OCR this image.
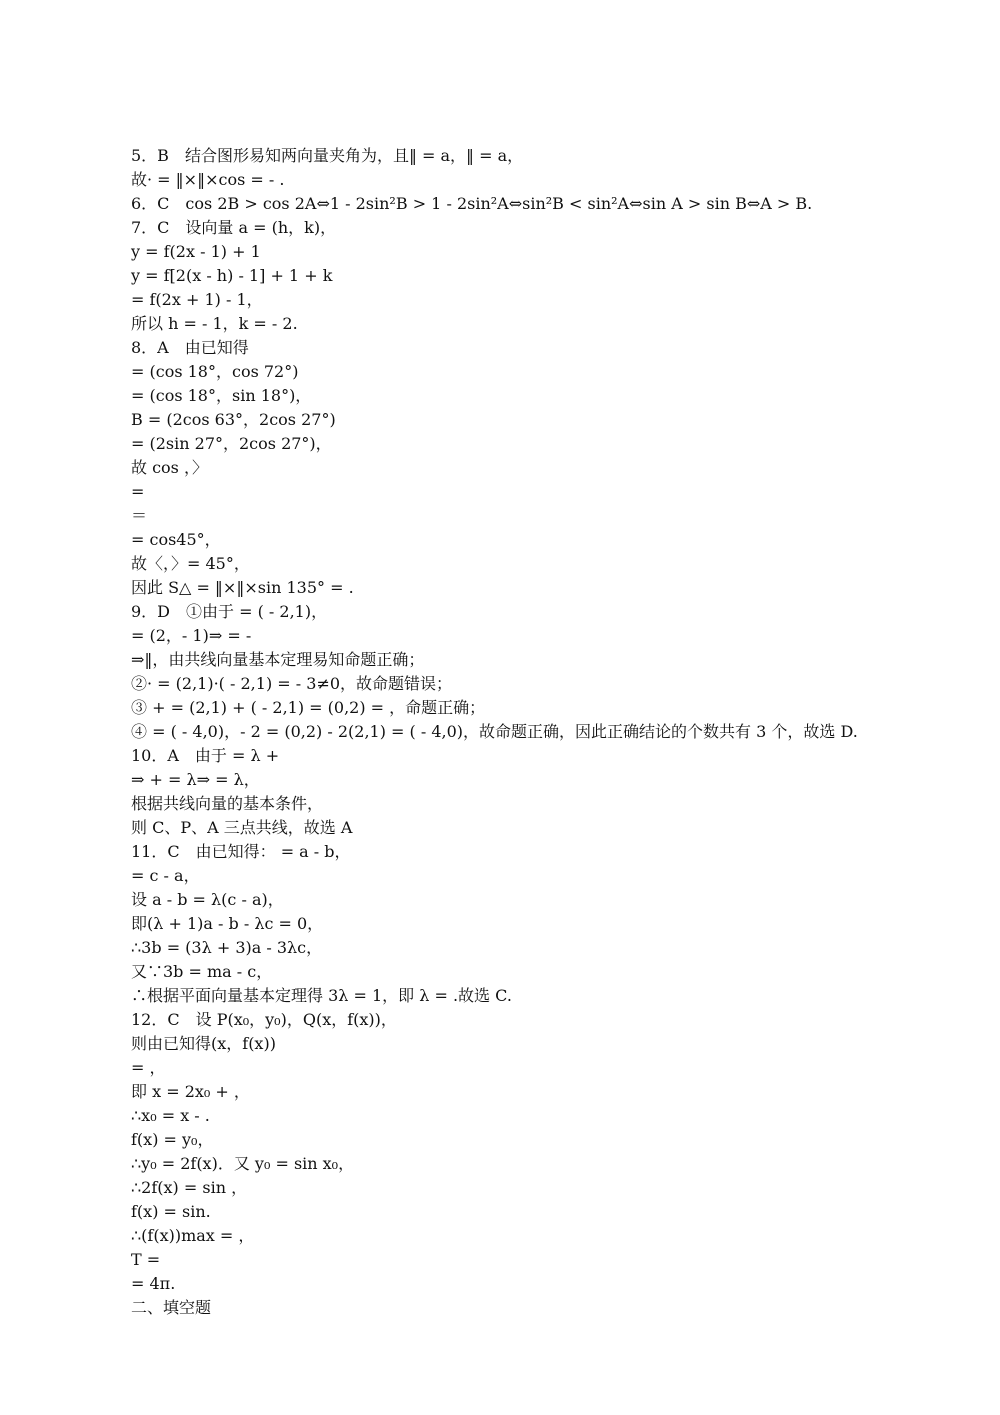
5．B　结合图形易知两向量夹角为，且‖ = a，‖ = a，
故· = ‖×‖×cos = ‑ .
6．C　cos 2B > cos 2A⇔1 ‑ 2sin²B > 1 ‑ 2sin²A⇔sin²B < sin²A⇔sin A > sin B⇔A > B.
7．C　设向量 a = (h，k)，
y = f(2x ‑ 1) + 1
y = f[2(x ‑ h) ‑ 1] + 1 + k
= f(2x + 1) ‑ 1，
所以 h = ‑ 1，k = ‑ 2.
8．A　由已知得
= (cos 18°，cos 72°)
= (cos 18°，sin 18°)，
B = (2cos 63°，2cos 27°)
= (2sin 27°，2cos 27°)，
故 cos ，〉
=
＝
= cos45°，
故〈，〉= 45°，
因此 S△ = ‖×‖×sin 135° = .
9．D　①由于 = ( ‑ 2,1)，
= (2，‑ 1)⇒ = ‑
⇒‖，由共线向量基本定理易知命题正确；
②· = (2,1)·( ‑ 2,1) = ‑ 3≠0，故命题错误；
③ + = (2,1) + ( ‑ 2,1) = (0,2) = ，命题正确；
④ = ( ‑ 4,0)，‑ 2 = (0,2) ‑ 2(2,1) = ( ‑ 4,0)，故命题正确，因此正确结论的个数共有 3 个，故选 D.
10．A　由于 = λ +
⇒ + = λ⇒ = λ，
根据共线向量的基本条件，
则 C、P、A 三点共线，故选 A
11．C　由已知得： = a ‑ b，
= c ‑ a，
设 a ‑ b = λ(c ‑ a)，
即(λ + 1)a ‑ b ‑ λc = 0，
∴3b = (3λ + 3)a ‑ 3λc，
又∵3b = ma ‑ c，
∴根据平面向量基本定理得 3λ = 1，即 λ = .故选 C.
12．C　设 P(x₀，y₀)，Q(x，f(x))，
则由已知得(x，f(x))
= ，
即 x = 2x₀ + ，
∴x₀ = x ‑ .
f(x) = y₀，
∴y₀ = 2f(x)．又 y₀ = sin x₀，
∴2f(x) = sin ，
f(x) = sin.
∴(f(x))max = ，
T =
= 4π.
二、填空题
